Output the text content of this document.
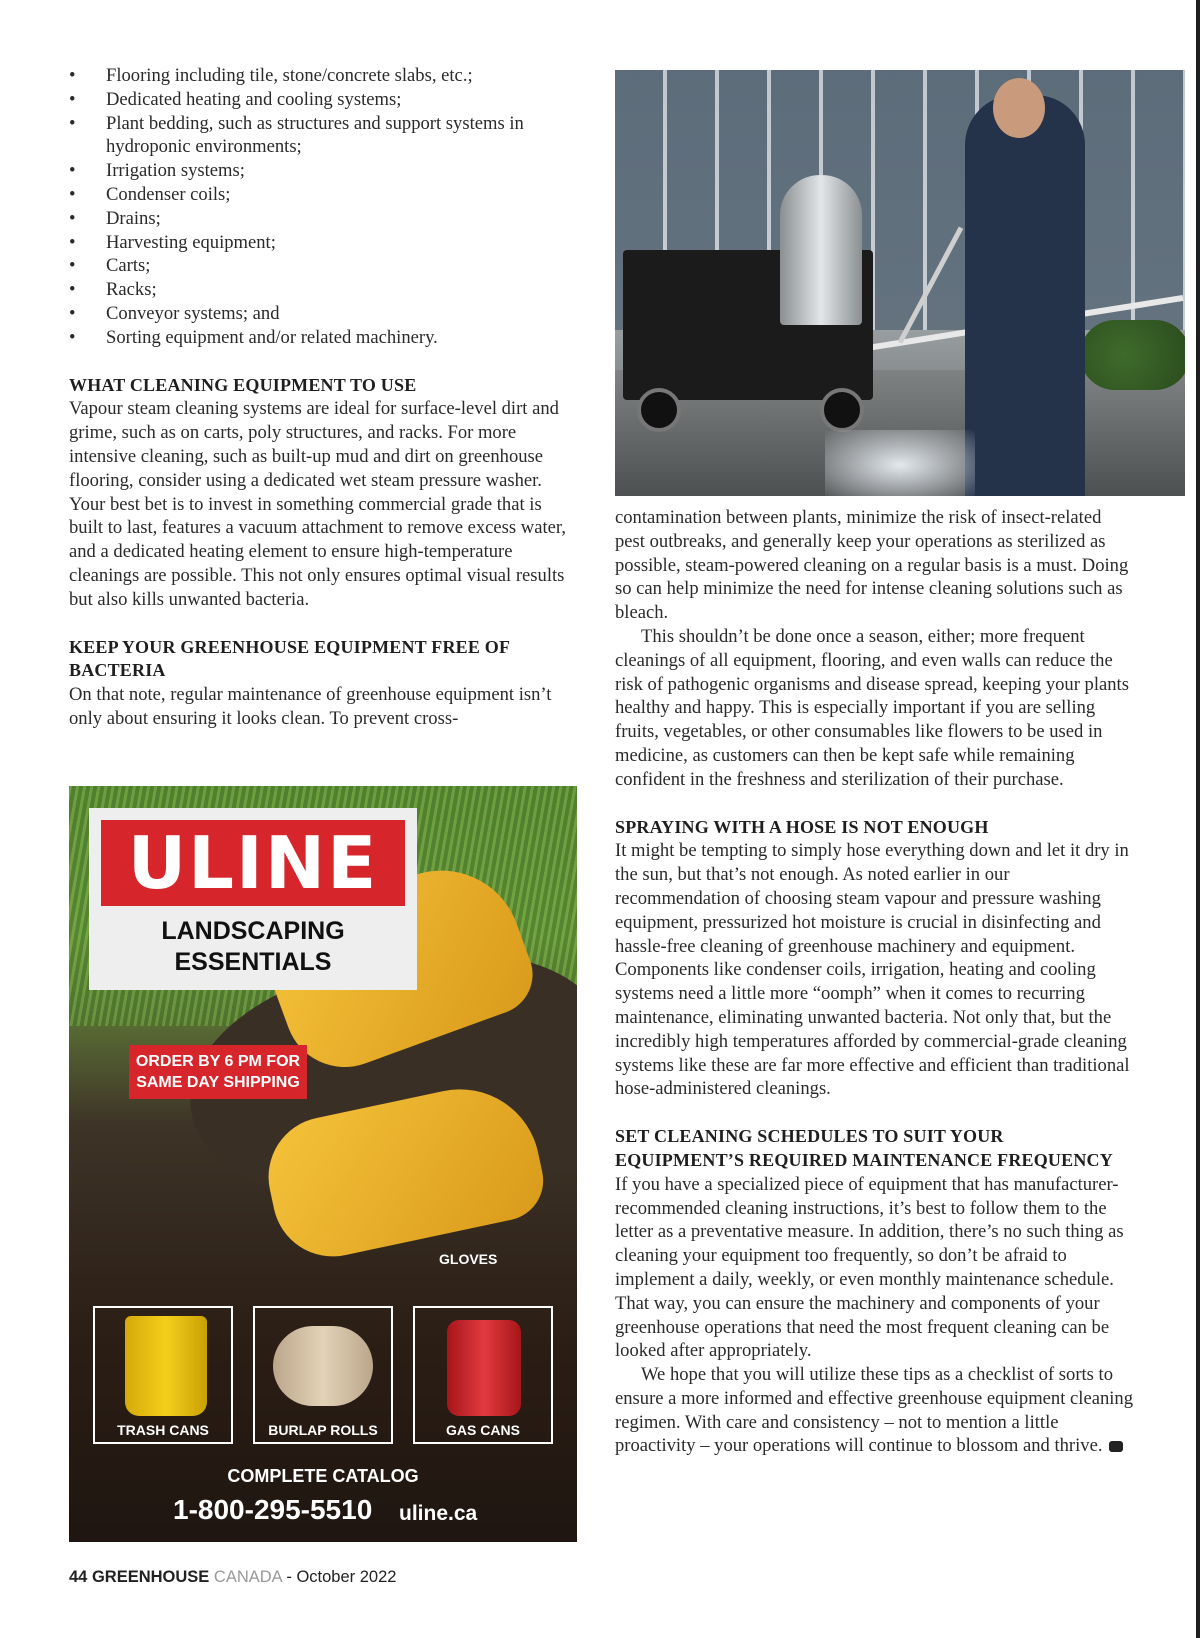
• Flooring including tile, stone/concrete slabs, etc.;
• Dedicated heating and cooling systems;
• Plant bedding, such as structures and support systems in hydroponic environments;
• Irrigation systems;
• Condenser coils;
• Drains;
• Harvesting equipment;
• Carts;
• Racks;
• Conveyor systems; and
• Sorting equipment and/or related machinery.
WHAT CLEANING EQUIPMENT TO USE

Vapour steam cleaning systems are ideal for surface-level dirt and grime, such as on carts, poly structures, and racks. For more intensive cleaning, such as built-up mud and dirt on greenhouse flooring, consider using a dedicated wet steam pressure washer. Your best bet is to invest in something commercial grade that is built to last, features a vacuum attachment to remove excess water, and a dedicated heating element to ensure high-temperature cleanings are possible. This not only ensures optimal visual results but also kills unwanted bacteria.

KEEP YOUR GREENHOUSE EQUIPMENT FREE OF BACTERIA

On that note, regular maintenance of greenhouse equipment isn’t only about ensuring it looks clean. To prevent cross-

contamination between plants, minimize the risk of insect-related pest outbreaks, and generally keep your operations as sterilized as possible, steam-powered cleaning on a regular basis is a must. Doing so can help minimize the need for intense cleaning solutions such as bleach.

This shouldn’t be done once a season, either; more frequent cleanings of all equipment, flooring, and even walls can reduce the risk of pathogenic organisms and disease spread, keeping your plants healthy and happy. This is especially important if you are selling fruits, vegetables, or other consumables like flowers to be used in medicine, as customers can then be kept safe while remaining confident in the freshness and sterilization of their purchase.

SPRAYING WITH A HOSE IS NOT ENOUGH

It might be tempting to simply hose everything down and let it dry in the sun, but that’s not enough. As noted earlier in our recommendation of choosing steam vapour and pressure washing equipment, pressurized hot moisture is crucial in disinfecting and hassle-free cleaning of greenhouse machinery and equipment. Components like condenser coils, irrigation, heating and cooling systems need a little more “oomph” when it comes to recurring maintenance, eliminating unwanted bacteria. Not only that, but the incredibly high temperatures afforded by commercial-grade cleaning systems like these are far more effective and efficient than traditional hose-administered cleanings.

SET CLEANING SCHEDULES TO SUIT YOUR EQUIPMENT’S REQUIRED MAINTENANCE FREQUENCY

If you have a specialized piece of equipment that has manufacturer-recommended cleaning instructions, it’s best to follow them to the letter as a preventative measure. In addition, there’s no such thing as cleaning your equipment too frequently, so don’t be afraid to implement a daily, weekly, or even monthly maintenance schedule. That way, you can ensure the machinery and components of your greenhouse operations that need the most frequent cleaning can be looked after appropriately.

We hope that you will utilize these tips as a checklist of sorts to ensure a more informed and effective greenhouse equipment cleaning regimen. With care and consistency – not to mention a little proactivity – your operations will continue to blossom and thrive.

ULINE
LANDSCAPING
ESSENTIALS
ORDER BY 6 PM FOR
SAME DAY SHIPPING
GLOVES
TRASH CANS	BURLAP ROLLS	GAS CANS
COMPLETE CATALOG
1-800-295-5510 uline.ca
44 GREENHOUSE CANADA - October 2022
